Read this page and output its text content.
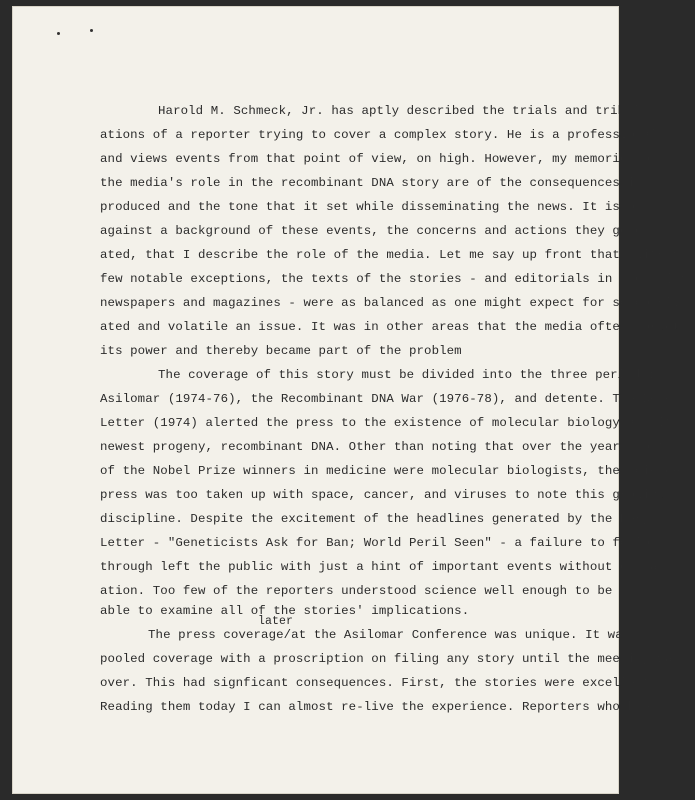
Harold M. Schmeck, Jr. has aptly described the trials and tribul-
ations of a reporter trying to cover a complex story. He is a professional
and views events from that point of view, on high. However, my memories of
the media's role in the recombinant DNA story are of the consequences it
produced and the tone that it set while disseminating the news. It is only
against a background of these events, the concerns and actions they gener-
ated, that I describe the role of the media. Let me say up front that, with a
few notable exceptions, the texts of the stories - and editorials in the major
newspapers and magazines - were as balanced as one might expect for so complic-
ated and volatile an issue. It was in other areas that the media often forgot
its power and thereby became part of the problem
The coverage of this story must be divided into the three periods:
Asilomar (1974-76), the Recombinant DNA War (1976-78), and detente. The Berg
Letter (1974) alerted the press to the existence of molecular biology and its
newest progeny, recombinant DNA. Other than noting that over the years most
of the Nobel Prize winners in medicine were molecular biologists, the science
press was too taken up with space, cancer, and viruses to note this growing
discipline. Despite the excitement of the headlines generated by the Berg
Letter - "Geneticists Ask for Ban; World Peril Seen" - a failure to follow
through left the public with just a hint of important events without explan-
ation. Too few of the reporters understood science well enough to be
able to examine all of the stories' implications.
later
The press coverage/at the Asilomar Conference was unique. It was
pooled coverage with a proscription on filing any story until the meeting was
over. This had signficant consequences. First, the stories were excellent.
Reading them today I can almost re-live the experience. Reporters who knew
